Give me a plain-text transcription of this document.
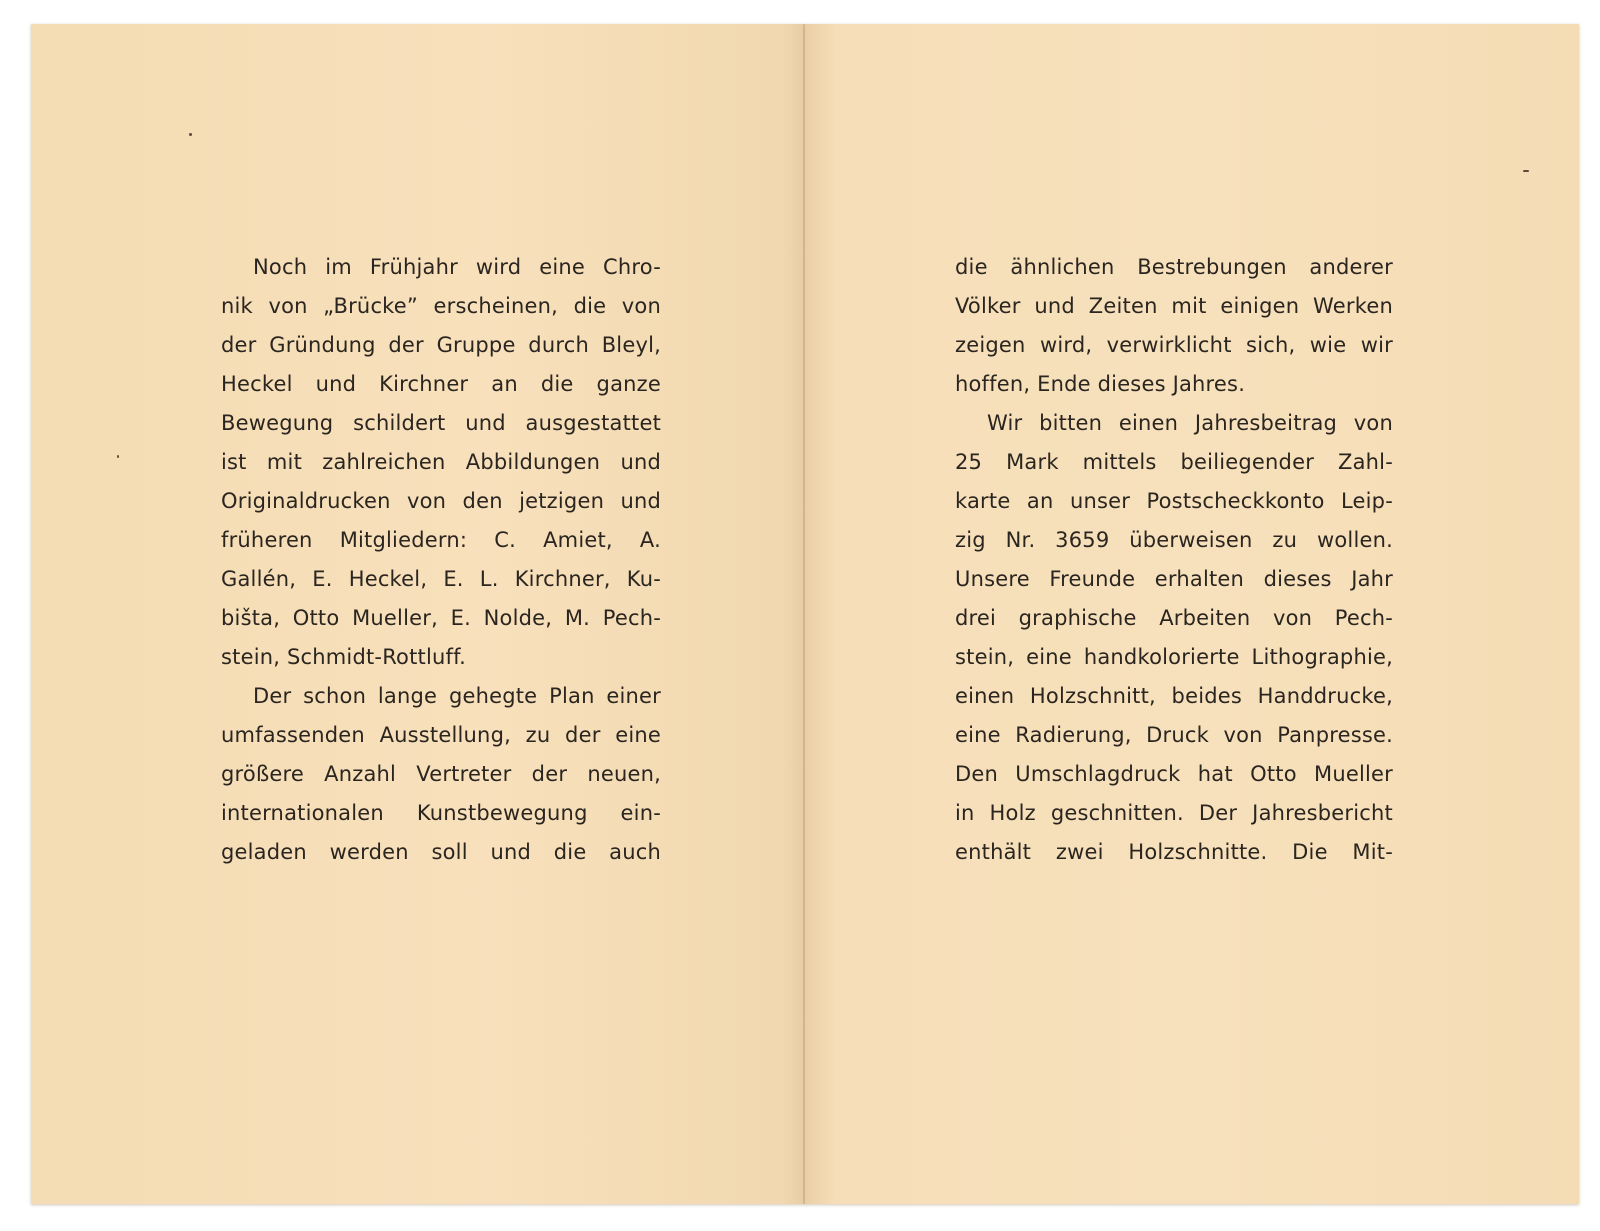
Noch im Frühjahr wird eine Chro-
nik von „Brücke” erscheinen, die von
der Gründung der Gruppe durch Bleyl,
Heckel und Kirchner an die ganze
Bewegung schildert und ausgestattet
ist mit zahlreichen Abbildungen und
Originaldrucken von den jetzigen und
früheren Mitgliedern: C. Amiet, A.
Gallén, E. Heckel, E. L. Kirchner, Ku-
bišta, Otto Mueller, E. Nolde, M. Pech-
stein, Schmidt-Rottluff.
Der schon lange gehegte Plan einer
umfassenden Ausstellung, zu der eine
größere Anzahl Vertreter der neuen,
internationalen Kunstbewegung ein-
geladen werden soll und die auch
die ähnlichen Bestrebungen anderer
Völker und Zeiten mit einigen Werken
zeigen wird, verwirklicht sich, wie wir
hoffen, Ende dieses Jahres.
Wir bitten einen Jahresbeitrag von
25 Mark mittels beiliegender Zahl-
karte an unser Postscheckkonto Leip-
zig Nr. 3659 überweisen zu wollen.
Unsere Freunde erhalten dieses Jahr
drei graphische Arbeiten von Pech-
stein, eine handkolorierte Lithographie,
einen Holzschnitt, beides Handdrucke,
eine Radierung, Druck von Panpresse.
Den Umschlagdruck hat Otto Mueller
in Holz geschnitten. Der Jahresbericht
enthält zwei Holzschnitte. Die Mit-
